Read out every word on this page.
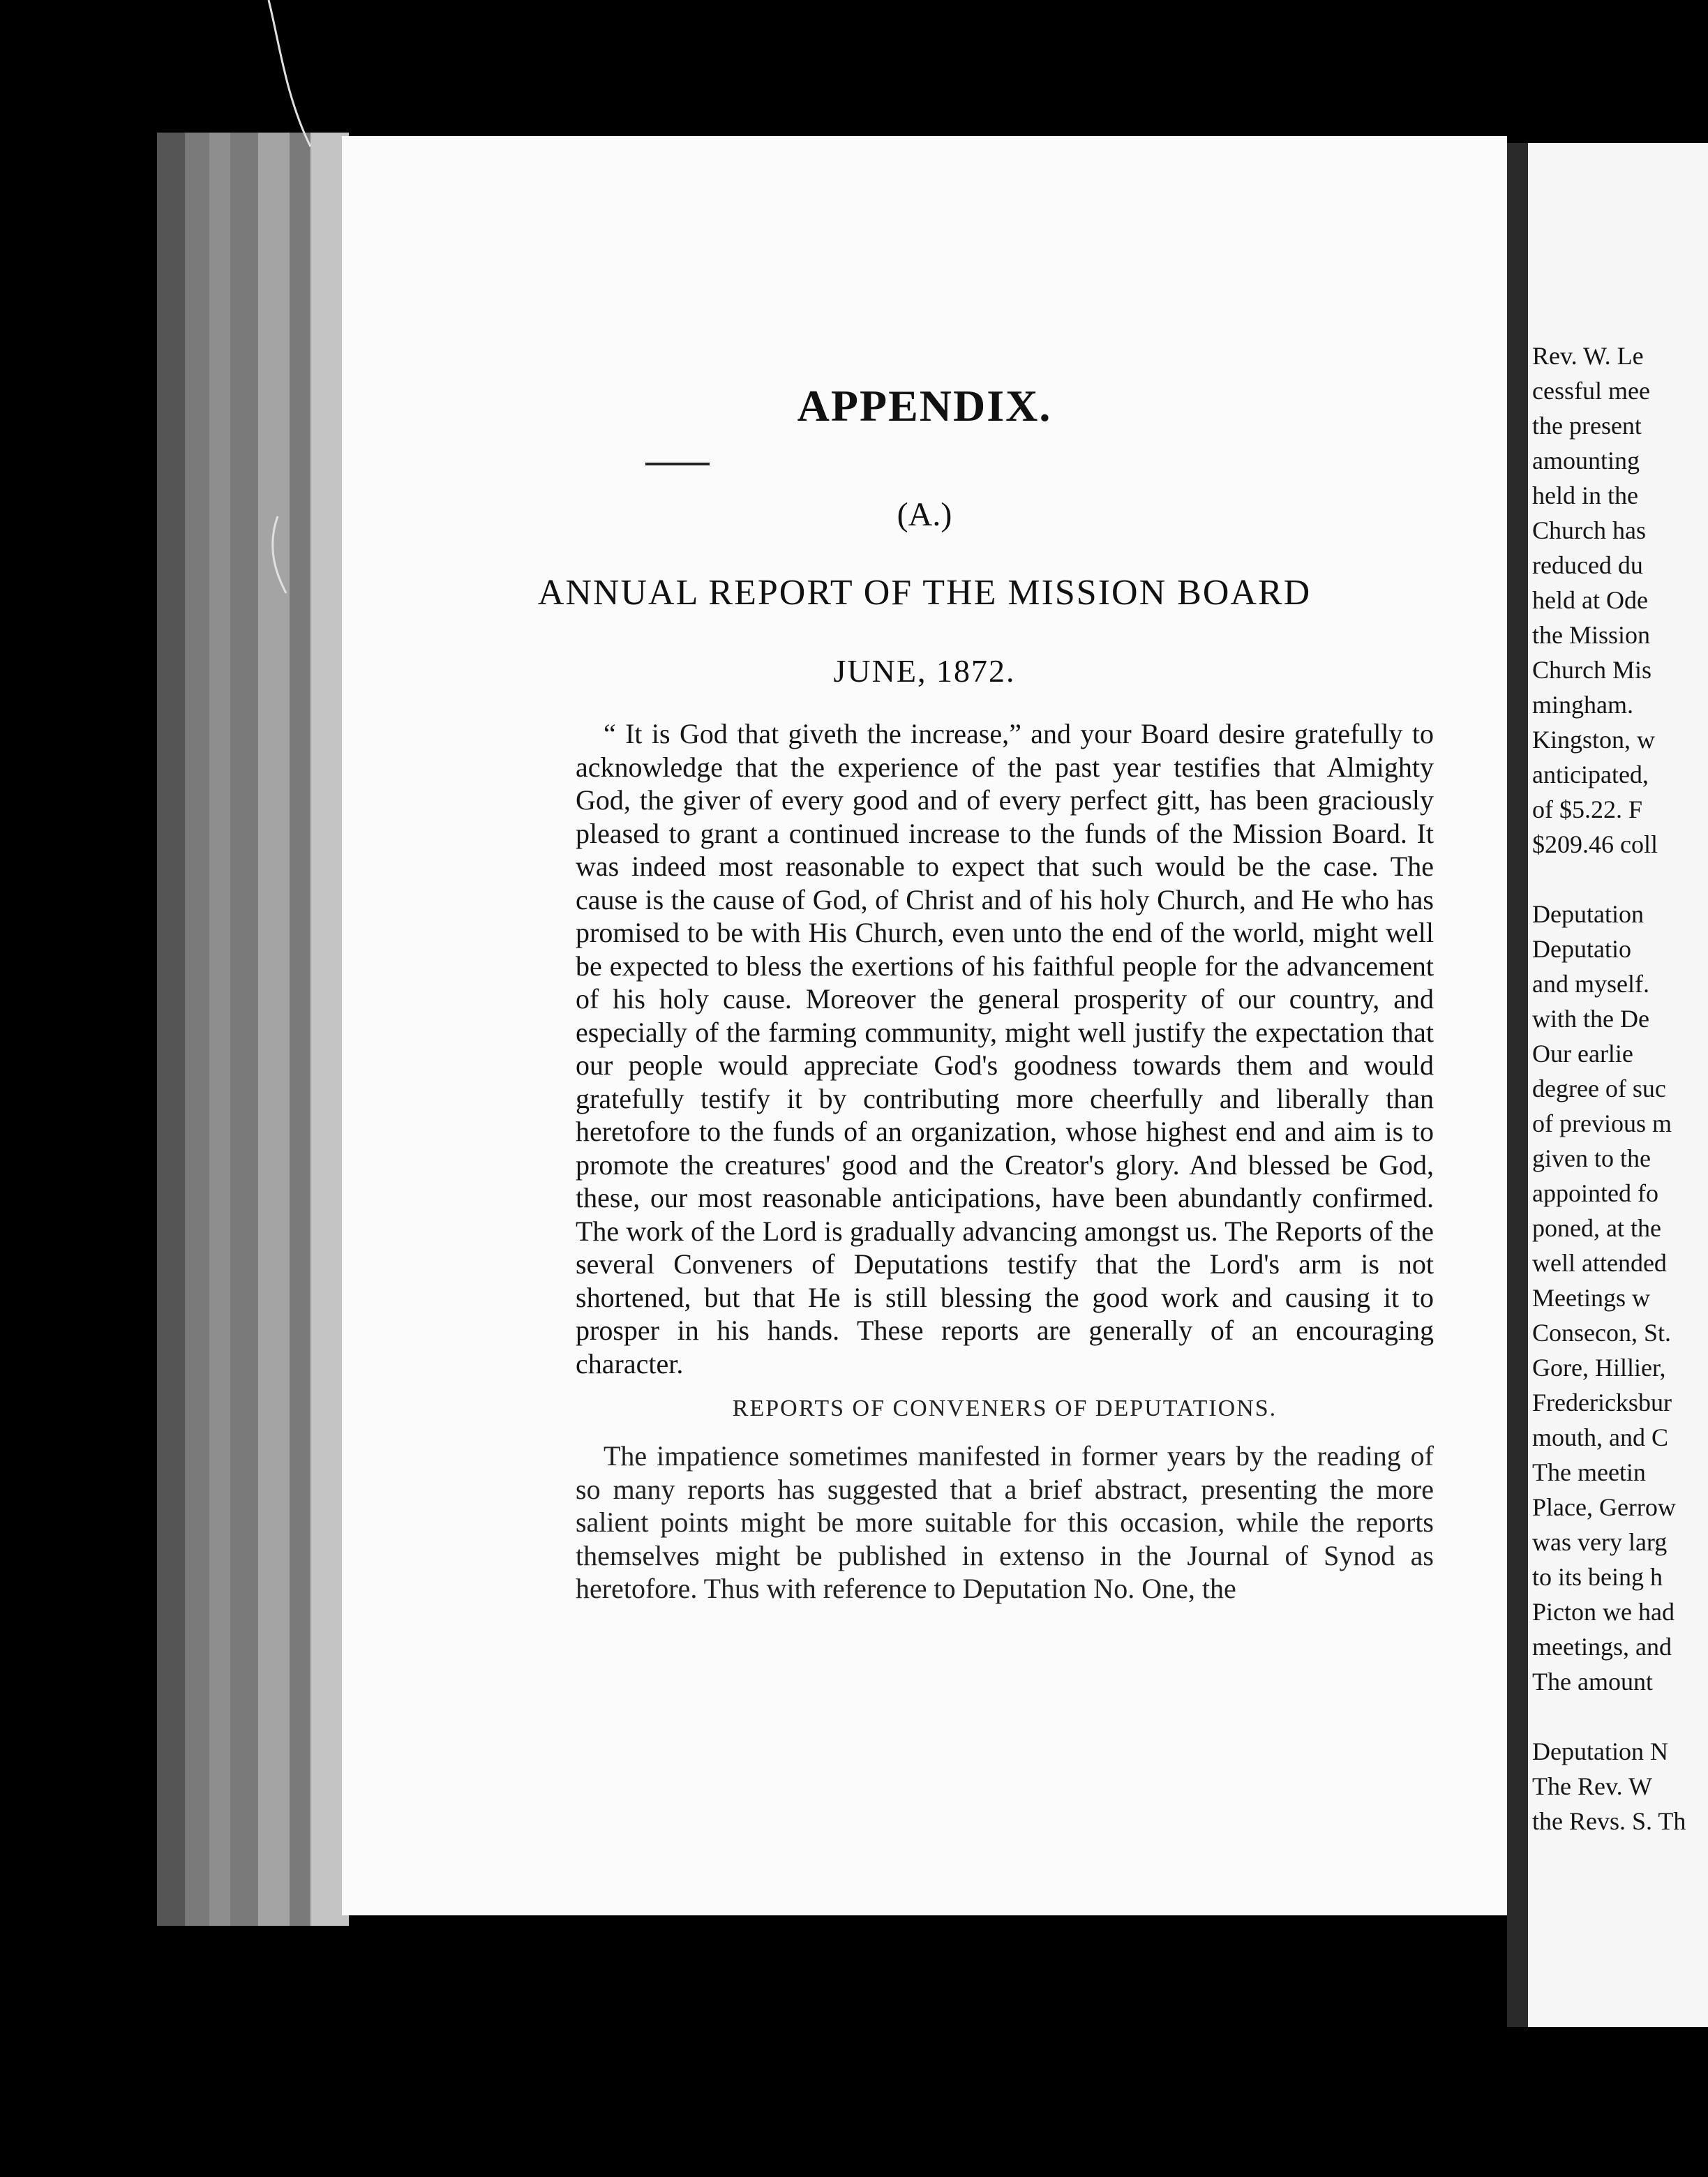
APPENDIX.
(A.)
ANNUAL REPORT OF THE MISSION BOARD
JUNE, 1872.
“ It is God that giveth the increase,” and your Board desire gratefully to acknowledge that the experience of the past year testifies that Almighty God, the giver of every good and of every perfect gitt, has been graciously pleased to grant a continued increase to the funds of the Mission Board. It was indeed most reasonable to expect that such would be the case. The cause is the cause of God, of Christ and of his holy Church, and He who has promised to be with His Church, even unto the end of the world, might well be expected to bless the exertions of his faithful people for the advancement of his holy cause. Moreover the general prosperity of our country, and especially of the farming community, might well justify the expectation that our people would appreciate God's goodness towards them and would gratefully testify it by contributing more cheerfully and liberally than heretofore to the funds of an organization, whose highest end and aim is to promote the creatures' good and the Creator's glory. And blessed be God, these, our most reasonable anticipations, have been abundantly confirmed. The work of the Lord is gradually advancing amongst us. The Reports of the several Conveners of Deputations testify that the Lord's arm is not shortened, but that He is still blessing the good work and causing it to prosper in his hands. These reports are generally of an encouraging character.
REPORTS OF CONVENERS OF DEPUTATIONS.
The impatience sometimes manifested in former years by the reading of so many reports has suggested that a brief abstract, presenting the more salient points might be more suitable for this occasion, while the reports themselves might be published in extenso in the Journal of Synod as heretofore. Thus with reference to Deputation No. One, the
Rev. W. Le
cessful mee
the present
amounting
held in the
Church has
reduced du
held at Ode
the Mission
Church Mis
mingham.
Kingston, w
anticipated,
of $5.22. F
$209.46 coll
Deputation
Deputatio
and myself.
with the De
Our earlie
degree of suc
of previous m
given to the
appointed fo
poned, at the
well attended
Meetings w
Consecon, St.
Gore, Hillier,
Fredericksbur
mouth, and C
The meetin
Place, Gerrow
was very larg
to its being h
Picton we had
meetings, and
The amount
Deputation N
The Rev. W
the Revs. S. Th
